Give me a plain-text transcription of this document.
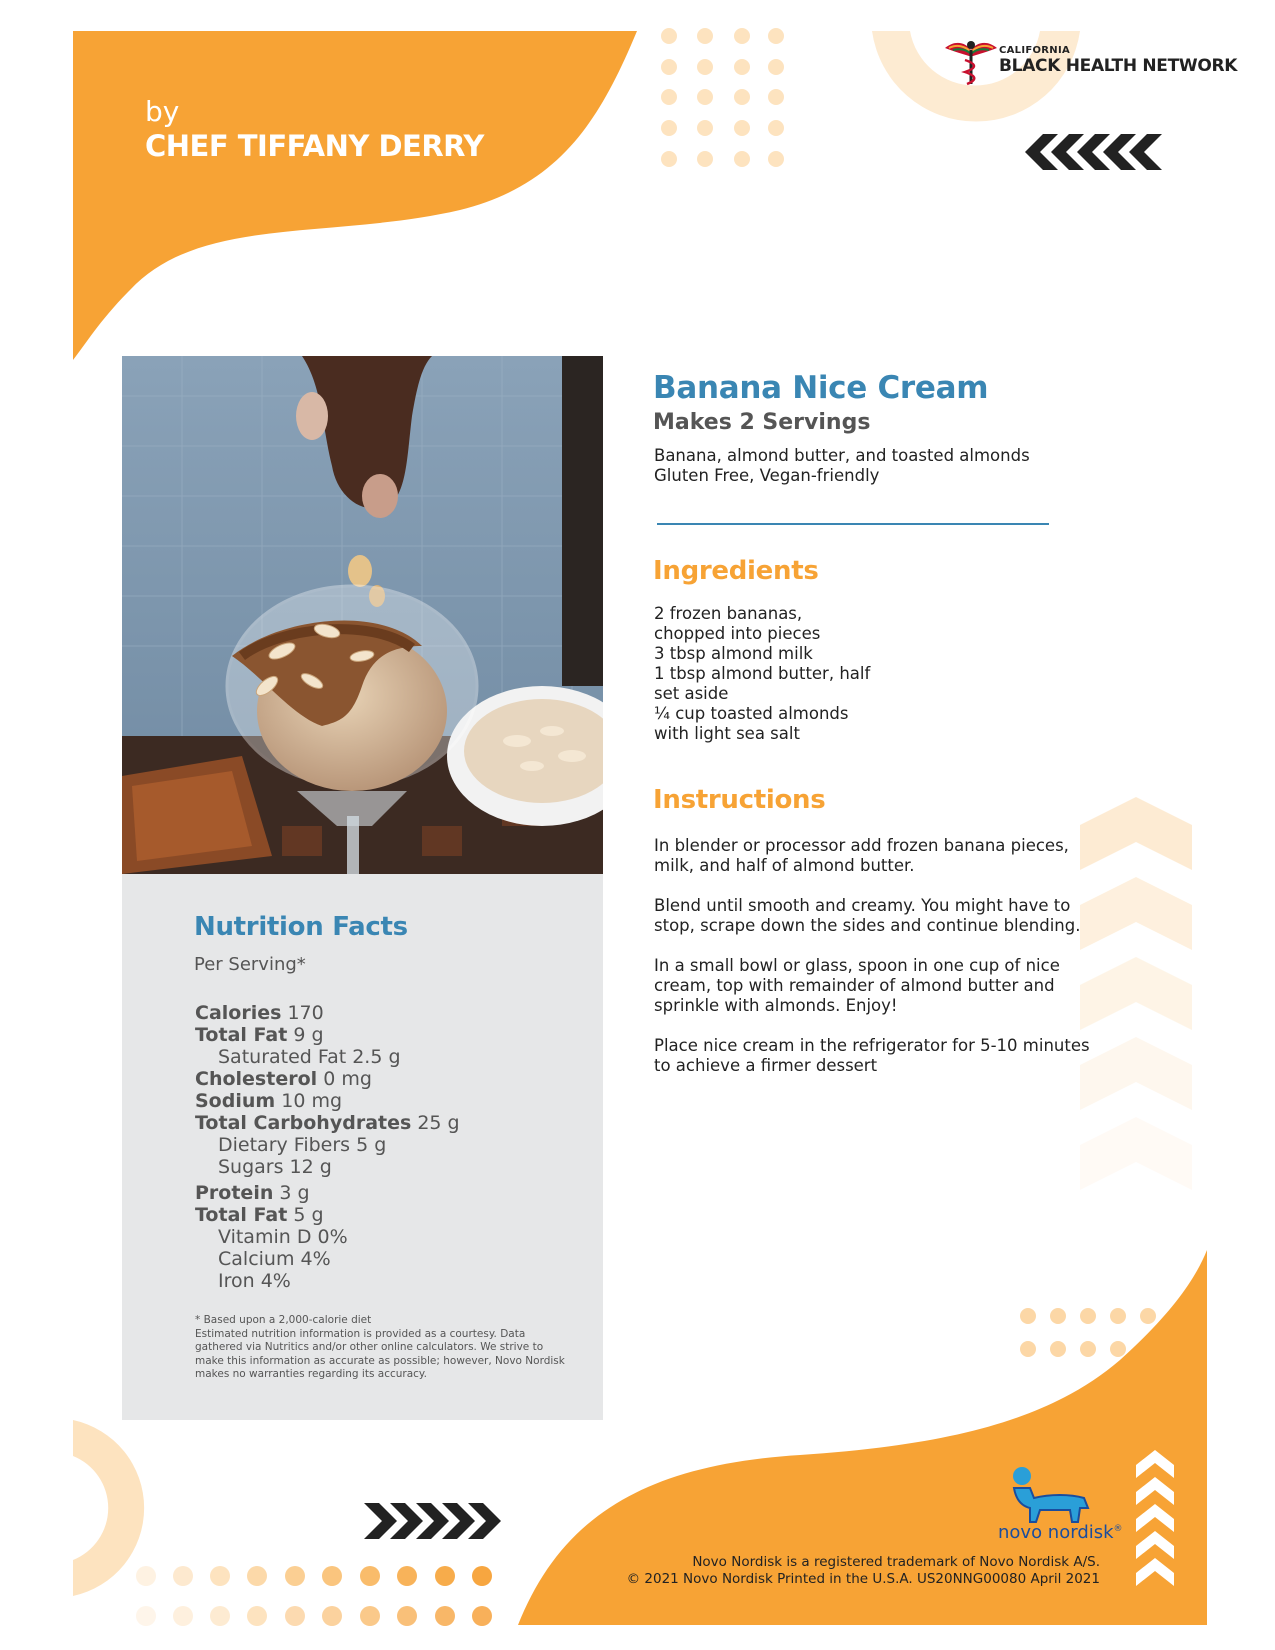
by
CHEF TIFFANY DERRY
CALIFORNIA
BLACK HEALTH NETWORK
Nutrition Facts
Per Serving*
Calories 170
Total Fat 9 g
Saturated Fat 2.5 g
Cholesterol 0 mg
Sodium 10 mg
Total Carbohydrates 25 g
Dietary Fibers 5 g
Sugars 12 g
Protein 3 g
Total Fat 5 g
Vitamin D 0%
Calcium 4%
Iron 4%
* Based upon a 2,000-calorie diet
Estimated nutrition information is provided as a courtesy. Data
gathered via Nutritics and/or other online calculators. We strive to
make this information as accurate as possible; however, Novo Nordisk
makes no warranties regarding its accuracy.
Banana Nice Cream
Makes 2 Servings
Banana, almond butter, and toasted almonds
Gluten Free, Vegan-friendly
Ingredients
2 frozen bananas,
chopped into pieces
3 tbsp almond milk
1 tbsp almond butter, half
set aside
¼ cup toasted almonds
with light sea salt
Instructions

In blender or processor add frozen banana pieces,
milk, and half of almond butter.

Blend until smooth and creamy. You might have to
stop, scrape down the sides and continue blending.

In a small bowl or glass, spoon in one cup of nice
cream, top with remainder of almond butter and
sprinkle with almonds. Enjoy!

Place nice cream in the refrigerator for 5-10 minutes
to achieve a firmer dessert

novo nordisk®
Novo Nordisk is a registered trademark of Novo Nordisk A/S.
© 2021 Novo Nordisk Printed in the U.S.A. US20NNG00080 April 2021
